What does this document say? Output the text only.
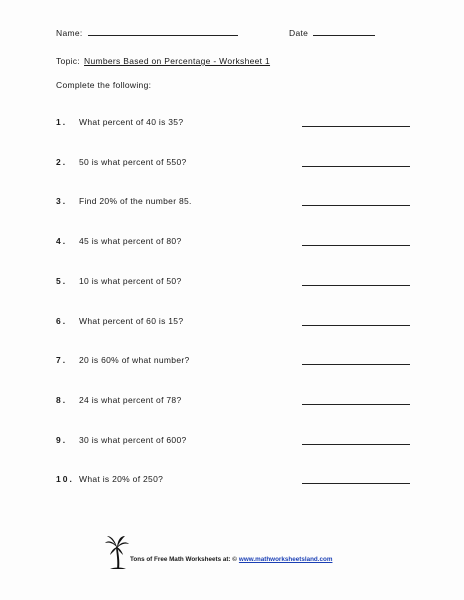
Name:	Date
Topic: Numbers Based on Percentage - Worksheet 1
Complete the following:
1. What percent of 40 is 35?
2. 50 is what percent of 550?
3. Find 20% of the number 85.
4. 45 is what percent of 80?
5. 10 is what percent of 50?
6. What percent of 60 is 15?
7. 20 is 60% of what number?
8. 24 is what percent of 78?
9. 30 is what percent of 600?
10. What is 20% of 250?
Tons of Free Math Worksheets at: © www.mathworksheetsland.com
